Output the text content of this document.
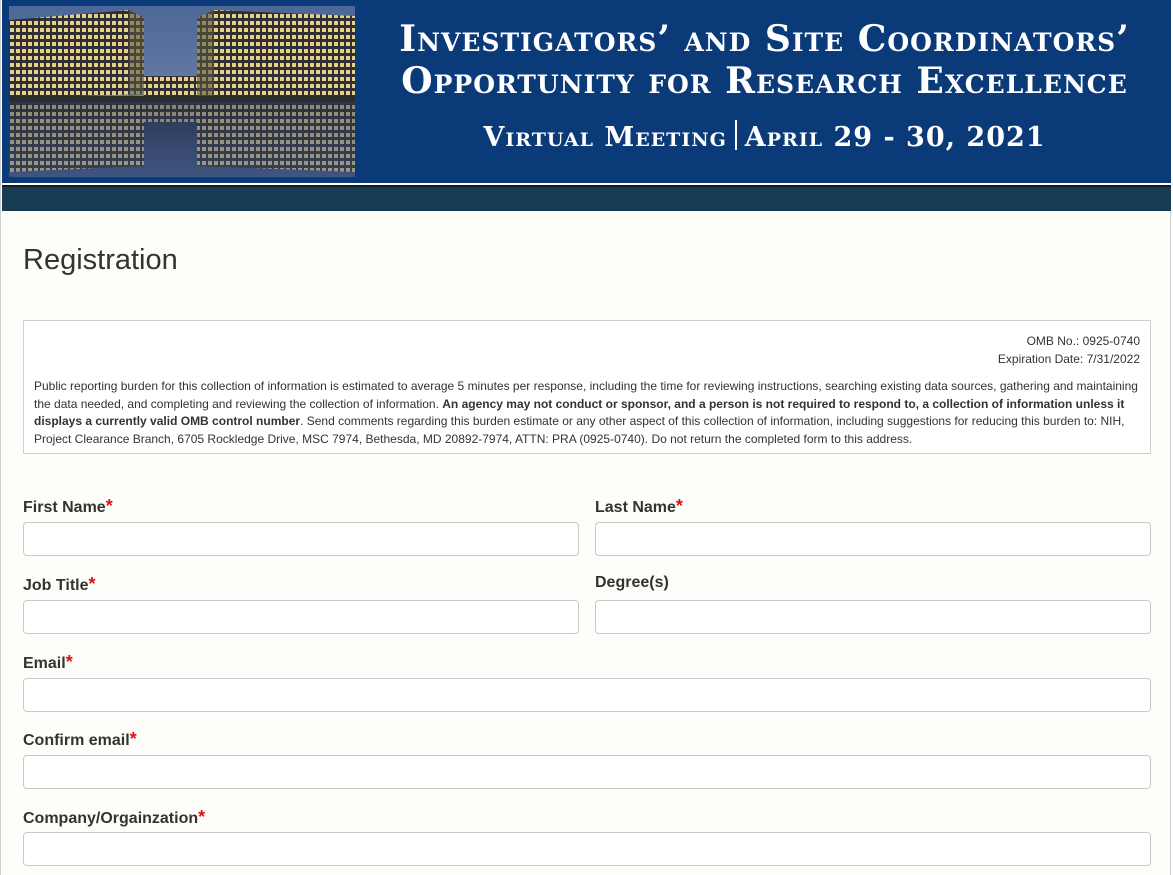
Investigators’ and Site Coordinators’
Opportunity for Research Excellence
Virtual Meeting April 29 - 30, 2021
Registration
OMB No.: 0925-0740
Expiration Date: 7/31/2022

Public reporting burden for this collection of information is estimated to average 5 minutes per response, including the time for reviewing instructions, searching existing data sources, gathering and maintaining the data needed, and completing and reviewing the collection of information. An agency may not conduct or sponsor, and a person is not required to respond to, a collection of information unless it displays a currently valid OMB control number. Send comments regarding this burden estimate or any other aspect of this collection of information, including suggestions for reducing this burden to: NIH, Project Clearance Branch, 6705 Rockledge Drive, MSC 7974, Bethesda, MD 20892-7974, ATTN: PRA (0925-0740). Do not return the completed form to this address.

First Name*	Last Name*
Job Title*	Degree(s)
Email*
Confirm email*
Company/Orgainzation*
